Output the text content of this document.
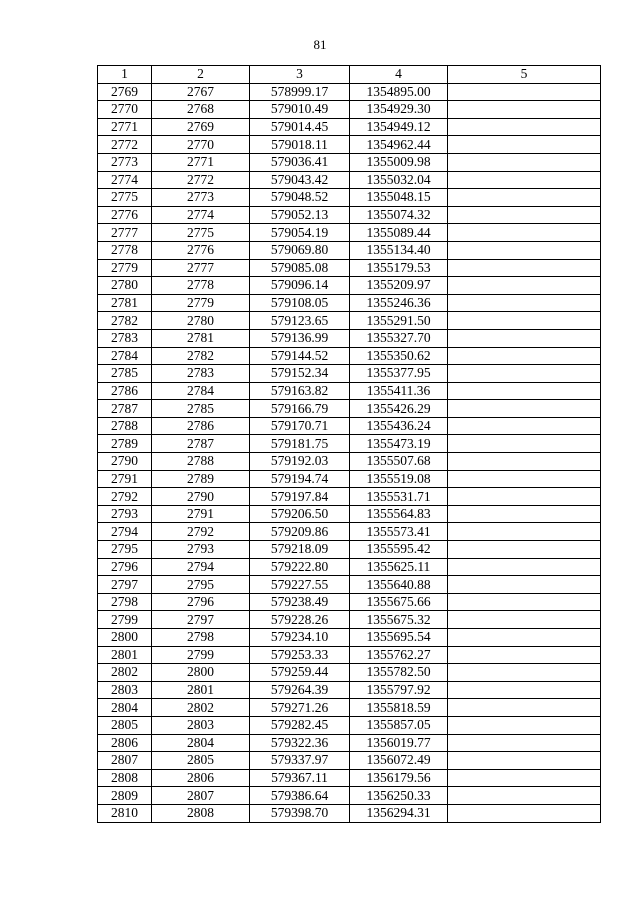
81
1	2	3	4	5
2769	2767	578999.17	1354895.00	
2770	2768	579010.49	1354929.30	
2771	2769	579014.45	1354949.12	
2772	2770	579018.11	1354962.44	
2773	2771	579036.41	1355009.98	
2774	2772	579043.42	1355032.04	
2775	2773	579048.52	1355048.15	
2776	2774	579052.13	1355074.32	
2777	2775	579054.19	1355089.44	
2778	2776	579069.80	1355134.40	
2779	2777	579085.08	1355179.53	
2780	2778	579096.14	1355209.97	
2781	2779	579108.05	1355246.36	
2782	2780	579123.65	1355291.50	
2783	2781	579136.99	1355327.70	
2784	2782	579144.52	1355350.62	
2785	2783	579152.34	1355377.95	
2786	2784	579163.82	1355411.36	
2787	2785	579166.79	1355426.29	
2788	2786	579170.71	1355436.24	
2789	2787	579181.75	1355473.19	
2790	2788	579192.03	1355507.68	
2791	2789	579194.74	1355519.08	
2792	2790	579197.84	1355531.71	
2793	2791	579206.50	1355564.83	
2794	2792	579209.86	1355573.41	
2795	2793	579218.09	1355595.42	
2796	2794	579222.80	1355625.11	
2797	2795	579227.55	1355640.88	
2798	2796	579238.49	1355675.66	
2799	2797	579228.26	1355675.32	
2800	2798	579234.10	1355695.54	
2801	2799	579253.33	1355762.27	
2802	2800	579259.44	1355782.50	
2803	2801	579264.39	1355797.92	
2804	2802	579271.26	1355818.59	
2805	2803	579282.45	1355857.05	
2806	2804	579322.36	1356019.77	
2807	2805	579337.97	1356072.49	
2808	2806	579367.11	1356179.56	
2809	2807	579386.64	1356250.33	
2810	2808	579398.70	1356294.31	
